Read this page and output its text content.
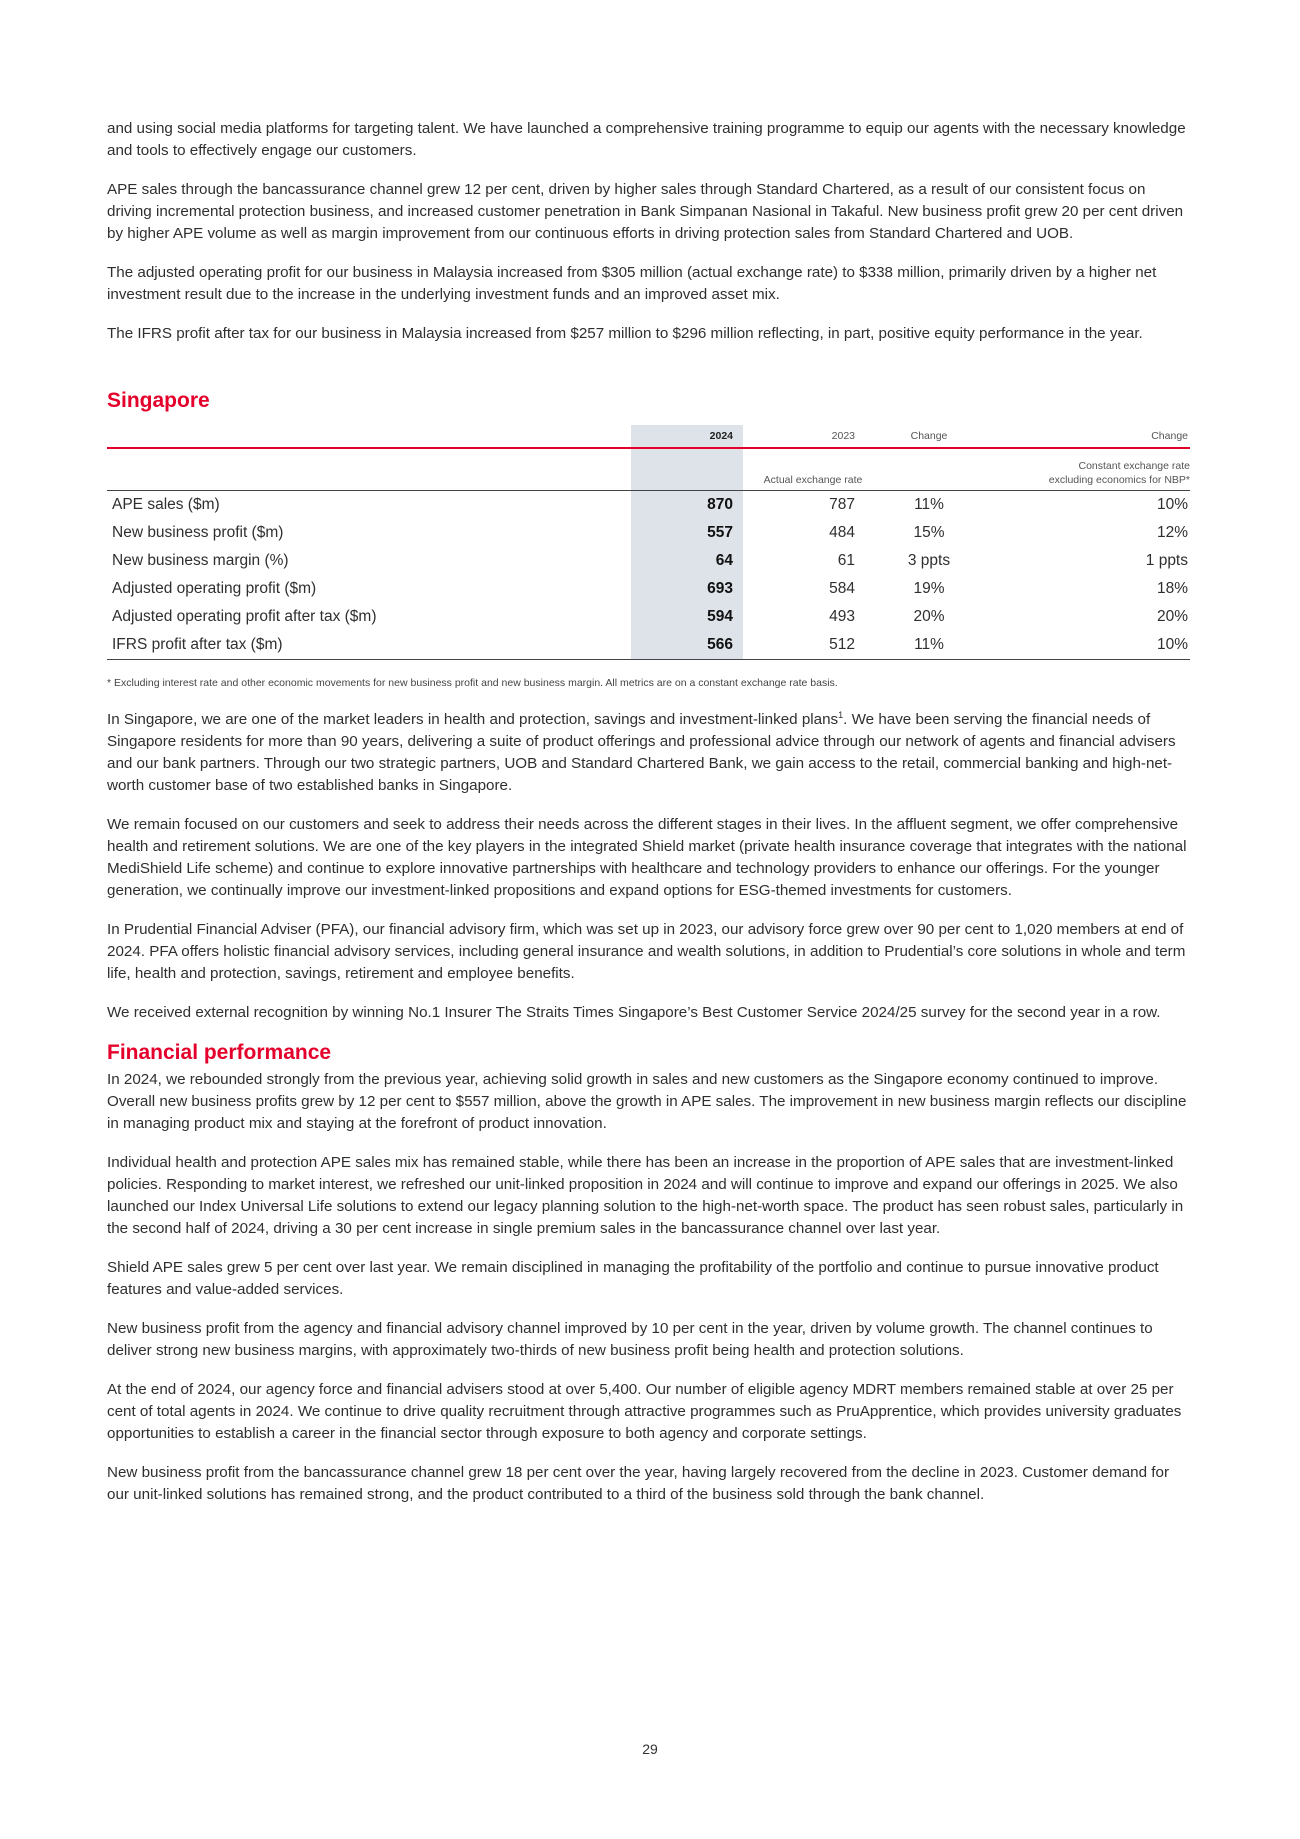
and using social media platforms for targeting talent. We have launched a comprehensive training programme to equip our agents with the necessary knowledge and tools to effectively engage our customers.

APE sales through the bancassurance channel grew 12 per cent, driven by higher sales through Standard Chartered, as a result of our consistent focus on driving incremental protection business, and increased customer penetration in Bank Simpanan Nasional in Takaful. New business profit grew 20 per cent driven by higher APE volume as well as margin improvement from our continuous efforts in driving protection sales from Standard Chartered and UOB.

The adjusted operating profit for our business in Malaysia increased from $305 million (actual exchange rate) to $338 million, primarily driven by a higher net investment result due to the increase in the underlying investment funds and an improved asset mix.

The IFRS profit after tax for our business in Malaysia increased from $257 million to $296 million reflecting, in part, positive equity performance in the year.

Singapore
	Actual exchange rate				Constant exchange rate
excluding economics for NBP*
	2024	2023	Change		Change
APE sales ($m)	870	787	11%		10%
New business profit ($m)	557	484	15%		12%
New business margin (%)	64	61	3 ppts		1 ppts
Adjusted operating profit ($m)	693	584	19%		18%
Adjusted operating profit after tax ($m)	594	493	20%		20%
IFRS profit after tax ($m)	566	512	11%		10%

* Excluding interest rate and other economic movements for new business profit and new business margin. All metrics are on a constant exchange rate basis.

In Singapore, we are one of the market leaders in health and protection, savings and investment-linked plans$^1$. We have been serving the financial needs of Singapore residents for more than 90 years, delivering a suite of product offerings and professional advice through our network of agents and financial advisers and our bank partners. Through our two strategic partners, UOB and Standard Chartered Bank, we gain access to the retail, commercial banking and high-net-worth customer base of two established banks in Singapore.

We remain focused on our customers and seek to address their needs across the different stages in their lives. In the affluent segment, we offer comprehensive health and retirement solutions. We are one of the key players in the integrated Shield market (private health insurance coverage that integrates with the national MediShield Life scheme) and continue to explore innovative partnerships with healthcare and technology providers to enhance our offerings. For the younger generation, we continually improve our investment-linked propositions and expand options for ESG-themed investments for customers.

In Prudential Financial Adviser (PFA), our financial advisory firm, which was set up in 2023, our advisory force grew over 90 per cent to 1,020 members at end of 2024. PFA offers holistic financial advisory services, including general insurance and wealth solutions, in addition to Prudential’s core solutions in whole and term life, health and protection, savings, retirement and employee benefits.

We received external recognition by winning No.1 Insurer The Straits Times Singapore’s Best Customer Service 2024/25 survey for the second year in a row.

Financial performance

In 2024, we rebounded strongly from the previous year, achieving solid growth in sales and new customers as the Singapore economy continued to improve. Overall new business profits grew by 12 per cent to $557 million, above the growth in APE sales. The improvement in new business margin reflects our discipline in managing product mix and staying at the forefront of product innovation.

Individual health and protection APE sales mix has remained stable, while there has been an increase in the proportion of APE sales that are investment-linked policies. Responding to market interest, we refreshed our unit-linked proposition in 2024 and will continue to improve and expand our offerings in 2025. We also launched our Index Universal Life solutions to extend our legacy planning solution to the high-net-worth space. The product has seen robust sales, particularly in the second half of 2024, driving a 30 per cent increase in single premium sales in the bancassurance channel over last year.

Shield APE sales grew 5 per cent over last year. We remain disciplined in managing the profitability of the portfolio and continue to pursue innovative product features and value-added services.

New business profit from the agency and financial advisory channel improved by 10 per cent in the year, driven by volume growth. The channel continues to deliver strong new business margins, with approximately two-thirds of new business profit being health and protection solutions.

At the end of 2024, our agency force and financial advisers stood at over 5,400. Our number of eligible agency MDRT members remained stable at over 25 per cent of total agents in 2024. We continue to drive quality recruitment through attractive programmes such as PruApprentice, which provides university graduates opportunities to establish a career in the financial sector through exposure to both agency and corporate settings.

New business profit from the bancassurance channel grew 18 per cent over the year, having largely recovered from the decline in 2023. Customer demand for our unit-linked solutions has remained strong, and the product contributed to a third of the business sold through the bank channel.

29
